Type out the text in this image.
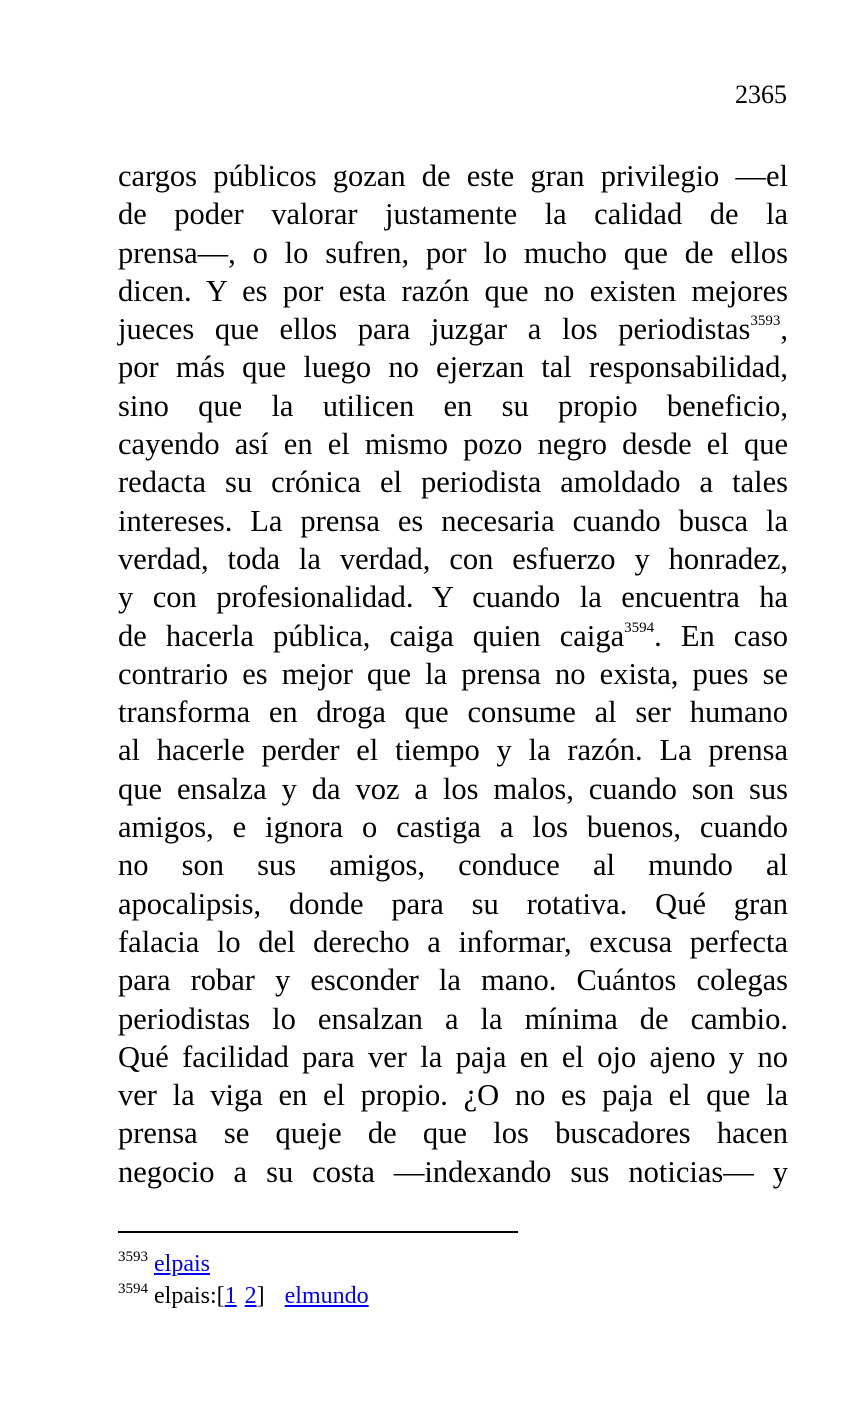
2365
cargos públicos gozan de este gran privilegio —el
de poder valorar justamente la calidad de la
prensa—, o lo sufren, por lo mucho que de ellos
dicen. Y es por esta razón que no existen mejores
jueces que ellos para juzgar a los periodistas$^{3593}$,
por más que luego no ejerzan tal responsabilidad,
sino que la utilicen en su propio beneficio,
cayendo así en el mismo pozo negro desde el que
redacta su crónica el periodista amoldado a tales
intereses. La prensa es necesaria cuando busca la
verdad, toda la verdad, con esfuerzo y honradez,
y con profesionalidad. Y cuando la encuentra ha
de hacerla pública, caiga quien caiga$^{3594}$. En caso
contrario es mejor que la prensa no exista, pues se
transforma en droga que consume al ser humano
al hacerle perder el tiempo y la razón. La prensa
que ensalza y da voz a los malos, cuando son sus
amigos, e ignora o castiga a los buenos, cuando
no son sus amigos, conduce al mundo al
apocalipsis, donde para su rotativa. Qué gran
falacia lo del derecho a informar, excusa perfecta
para robar y esconder la mano. Cuántos colegas
periodistas lo ensalzan a la mínima de cambio.
Qué facilidad para ver la paja en el ojo ajeno y no
ver la viga en el propio. ¿O no es paja el que la
prensa se queje de que los buscadores hacen
negocio a su costa —indexando sus noticias— y
$^{3593}$ elpais
$^{3594}$ elpais:[1 2] elmundo
